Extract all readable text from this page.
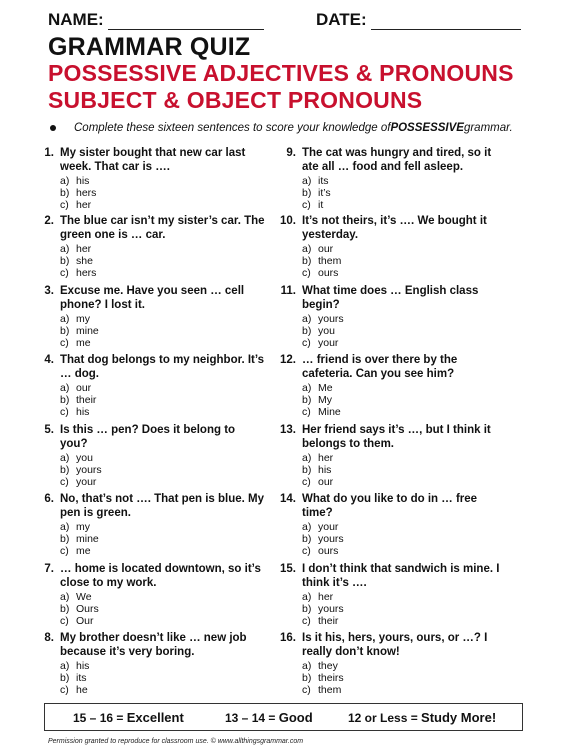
NAME:	DATE:
GRAMMAR QUIZ
POSSESSIVE ADJECTIVES & PRONOUNS
SUBJECT & OBJECT PRONOUNS
Complete these sixteen sentences to score your knowledge of POSSESSIVE grammar.
1. My sister bought that new car last week. That car is ….
a) his
b) hers
c) her
2. The blue car isn’t my sister’s car. The green one is … car.
a) her
b) she
c) hers
3. Excuse me. Have you seen … cell phone? I lost it.
a) my
b) mine
c) me
4. That dog belongs to my neighbor. It’s … dog.
a) our
b) their
c) his
5. Is this … pen? Does it belong to you?
a) you
b) yours
c) your
6. No, that’s not …. That pen is blue. My pen is green.
a) my
b) mine
c) me
7. … home is located downtown, so it’s close to my work.
a) We
b) Ours
c) Our
8. My brother doesn’t like … new job because it’s very boring.
a) his
b) its
c) he
9. The cat was hungry and tired, so it ate all … food and fell asleep.
a) its
b) it’s
c) it
10. It’s not theirs, it’s …. We bought it yesterday.
a) our
b) them
c) ours
11. What time does … English class begin?
a) yours
b) you
c) your
12. … friend is over there by the cafeteria. Can you see him?
a) Me
b) My
c) Mine
13. Her friend says it’s …, but I think it belongs to them.
a) her
b) his
c) our
14. What do you like to do in … free time?
a) your
b) yours
c) ours
15. I don’t think that sandwich is mine. I think it’s ….
a) her
b) yours
c) their
16. Is it his, hers, yours, ours, or …? I really don’t know!
a) they
b) theirs
c) them
15 – 16 = Excellent	13 – 14 = Good	12 or Less = Study More!
Permission granted to reproduce for classroom use. © www.allthingsgrammar.com
